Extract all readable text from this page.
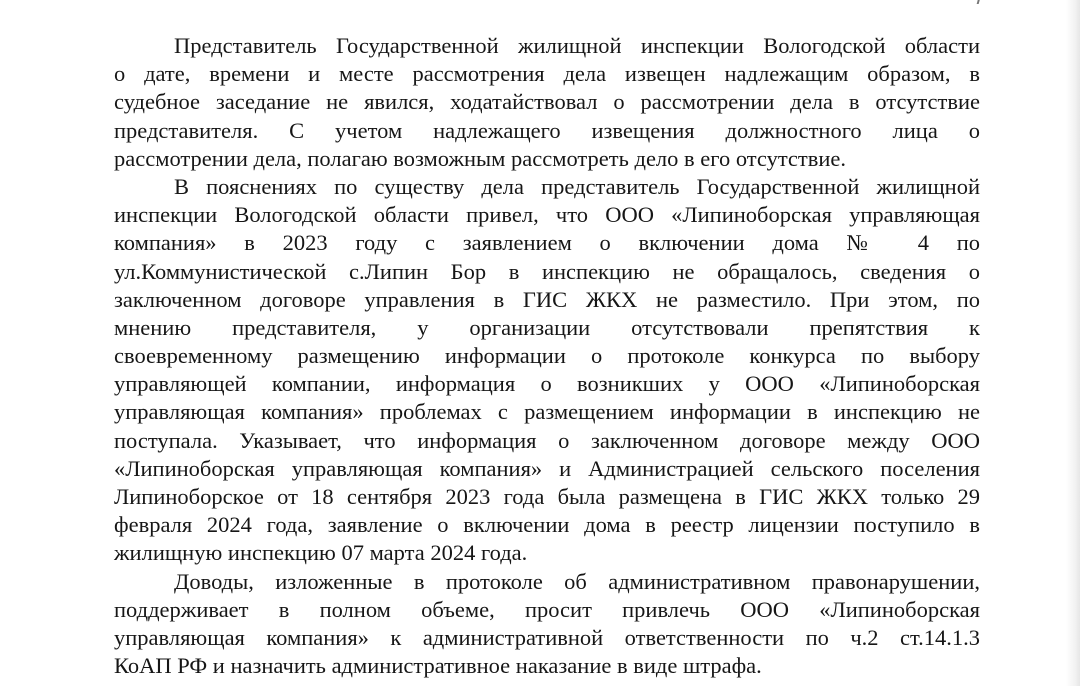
Представитель Государственной жилищной инспекции Вологодской области
о дате, времени и месте рассмотрения дела извещен надлежащим образом, в
судебное заседание не явился, ходатайствовал о рассмотрении дела в отсутствие
представителя. С учетом надлежащего извещения должностного лица о
рассмотрении дела, полагаю возможным рассмотреть дело в его отсутствие.
В пояснениях по существу дела представитель Государственной жилищной
инспекции Вологодской области привел, что ООО «Липиноборская управляющая
компания» в 2023 году с заявлением о включении дома № 4 по
ул.Коммунистической с.Липин Бор в инспекцию не обращалось, сведения о
заключенном договоре управления в ГИС ЖКХ не разместило. При этом, по
мнению представителя, у организации отсутствовали препятствия к
своевременному размещению информации о протоколе конкурса по выбору
управляющей компании, информация о возникших у ООО «Липиноборская
управляющая компания» проблемах с размещением информации в инспекцию не
поступала. Указывает, что информация о заключенном договоре между ООО
«Липиноборская управляющая компания» и Администрацией сельского поселения
Липиноборское от 18 сентября 2023 года была размещена в ГИС ЖКХ только 29
февраля 2024 года, заявление о включении дома в реестр лицензии поступило в
жилищную инспекцию 07 марта 2024 года.
Доводы, изложенные в протоколе об административном правонарушении,
поддерживает в полном объеме, просит привлечь ООО «Липиноборская
управляющая компания» к административной ответственности по ч.2 ст.14.1.3
КоАП РФ и назначить административное наказание в виде штрафа.
